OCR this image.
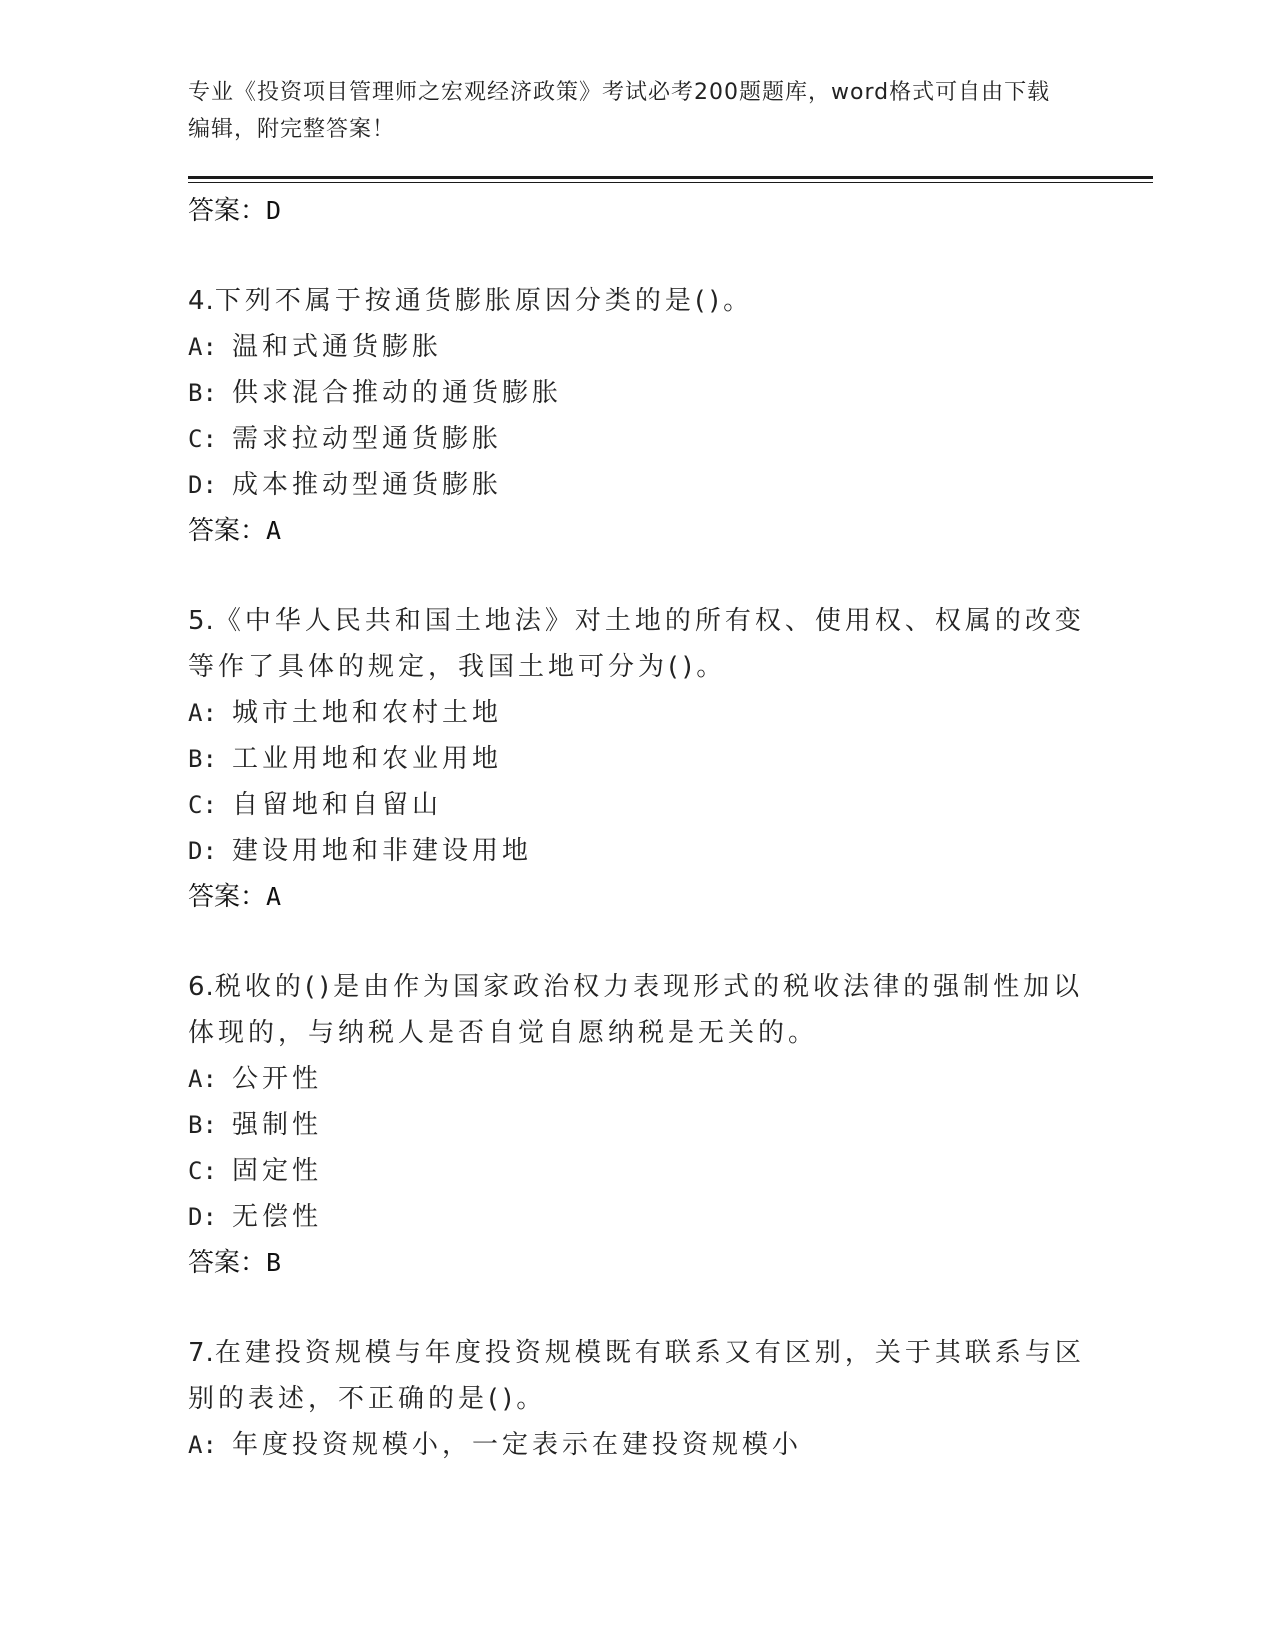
专业《投资项目管理师之宏观经济政策》考试必考200题题库，word格式可自由下载编辑，附完整答案！
答案：D
4.下列不属于按通货膨胀原因分类的是()。
A: 温和式通货膨胀
B: 供求混合推动的通货膨胀
C: 需求拉动型通货膨胀
D: 成本推动型通货膨胀
答案：A
5.《中华人民共和国土地法》对土地的所有权、使用权、权属的改变等作了具体的规定，我国土地可分为()。
A: 城市土地和农村土地
B: 工业用地和农业用地
C: 自留地和自留山
D: 建设用地和非建设用地
答案：A
6.税收的()是由作为国家政治权力表现形式的税收法律的强制性加以体现的，与纳税人是否自觉自愿纳税是无关的。
A: 公开性
B: 强制性
C: 固定性
D: 无偿性
答案：B
7.在建投资规模与年度投资规模既有联系又有区别，关于其联系与区别的表述，不正确的是()。
A: 年度投资规模小，一定表示在建投资规模小
